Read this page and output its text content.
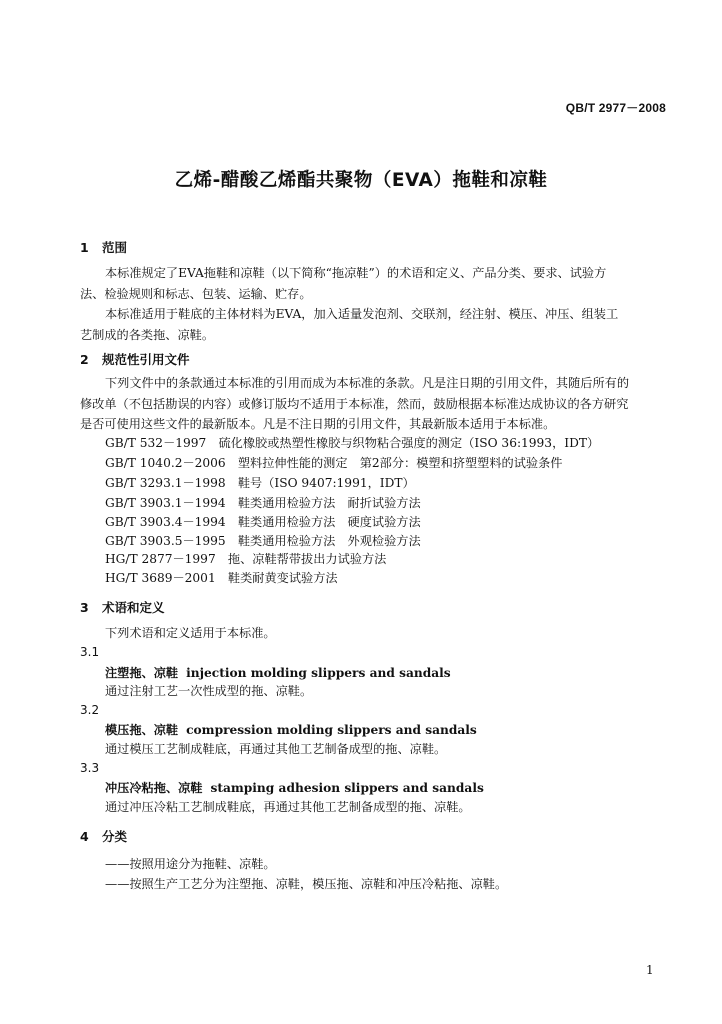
QB/T 2977－2008
乙烯-醋酸乙烯酯共聚物（EVA）拖鞋和凉鞋
1 范围
本标准规定了EVA拖鞋和凉鞋（以下简称“拖凉鞋”）的术语和定义、产品分类、要求、试验方
法、检验规则和标志、包装、运输、贮存。
本标准适用于鞋底的主体材料为EVA，加入适量发泡剂、交联剂，经注射、模压、冲压、组装工
艺制成的各类拖、凉鞋。
2 规范性引用文件
下列文件中的条款通过本标准的引用而成为本标准的条款。凡是注日期的引用文件，其随后所有的
修改单（不包括勘误的内容）或修订版均不适用于本标准，然而，鼓励根据本标准达成协议的各方研究
是否可使用这些文件的最新版本。凡是不注日期的引用文件，其最新版本适用于本标准。
GB/T 532－1997　 硫化橡胶或热塑性橡胶与织物粘合强度的测定（ISO 36:1993，IDT）
GB/T 1040.2－2006　 塑料拉伸性能的测定　第2部分：模塑和挤塑塑料的试验条件
GB/T 3293.1－1998　 鞋号（ISO 9407:1991，IDT）
GB/T 3903.1－1994　 鞋类通用检验方法　耐折试验方法
GB/T 3903.4－1994　 鞋类通用检验方法　硬度试验方法
GB/T 3903.5－1995　 鞋类通用检验方法　外观检验方法
HG/T 2877－1997　 拖、凉鞋帮带拔出力试验方法
HG/T 3689－2001　 鞋类耐黄变试验方法
3 术语和定义
下列术语和定义适用于本标准。
3.1
注塑拖、凉鞋 injection molding slippers and sandals
通过注射工艺一次性成型的拖、凉鞋。
3.2
模压拖、凉鞋 compression molding slippers and sandals
通过模压工艺制成鞋底，再通过其他工艺制备成型的拖、凉鞋。
3.3
冲压冷粘拖、凉鞋 stamping adhesion slippers and sandals
通过冲压冷粘工艺制成鞋底，再通过其他工艺制备成型的拖、凉鞋。
4 分类
——按照用途分为拖鞋、凉鞋。
——按照生产工艺分为注塑拖、凉鞋，模压拖、凉鞋和冲压冷粘拖、凉鞋。
1
